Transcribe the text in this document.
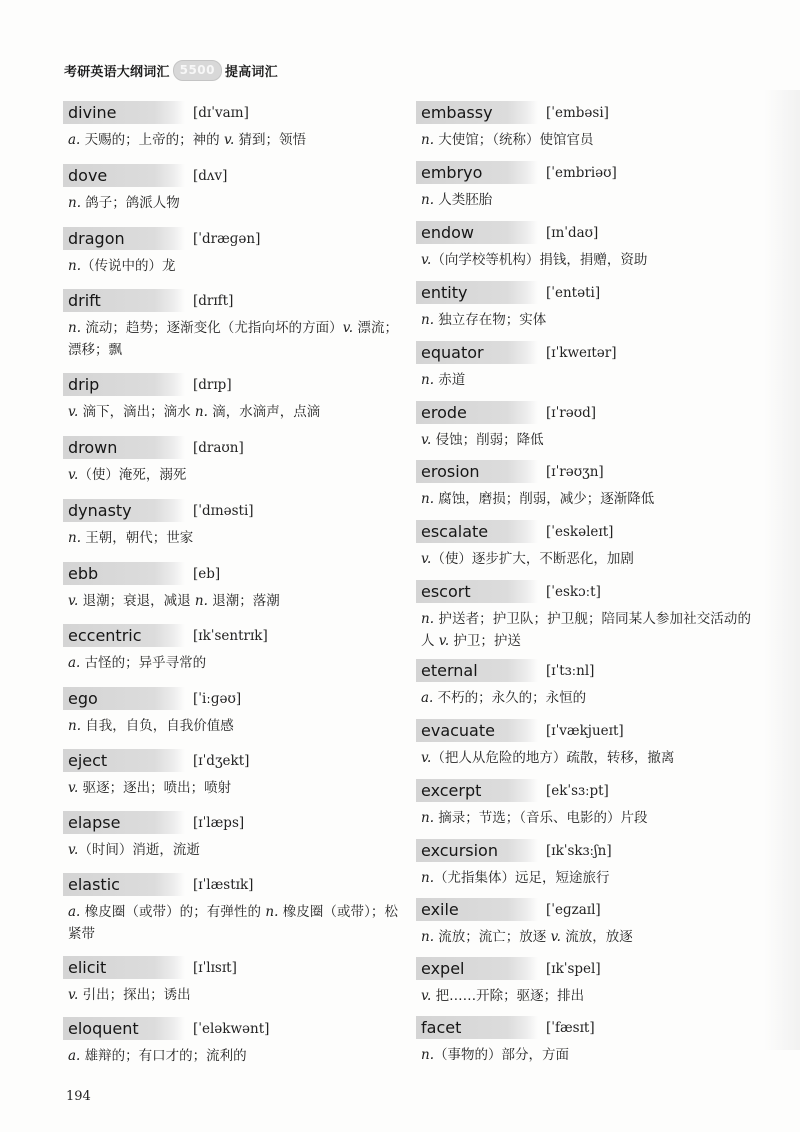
考研英语大纲词汇 5500 提高词汇
divine	[dɪˈvaɪn]
a. 天赐的；上帝的；神的 v. 猜到；领悟
dove	[dʌv]
n. 鸽子；鸽派人物
dragon	[ˈdræɡən]
n.（传说中的）龙
drift	[drɪft]
n. 流动；趋势；逐渐变化（尤指向坏的方面）v. 漂流；漂移；飘
drip	[drɪp]
v. 滴下，滴出；滴水 n. 滴，水滴声，点滴
drown	[draʊn]
v.（使）淹死，溺死
dynasty	[ˈdɪnəsti]
n. 王朝，朝代；世家
ebb	[eb]
v. 退潮；衰退，减退 n. 退潮；落潮
eccentric	[ɪkˈsentrɪk]
a. 古怪的；异乎寻常的
ego	[ˈiːɡəʊ]
n. 自我，自负，自我价值感
eject	[ɪˈdʒekt]
v. 驱逐；逐出；喷出；喷射
elapse	[ɪˈlæps]
v.（时间）消逝，流逝
elastic	[ɪˈlæstɪk]
a. 橡皮圈（或带）的；有弹性的 n. 橡皮圈（或带）；松紧带
elicit	[ɪˈlɪsɪt]
v. 引出；探出；诱出
eloquent	[ˈeləkwənt]
a. 雄辩的；有口才的；流利的
embassy	[ˈembəsi]
n. 大使馆；（统称）使馆官员
embryo	[ˈembriəʊ]
n. 人类胚胎
endow	[ɪnˈdaʊ]
v.（向学校等机构）捐钱，捐赠，资助
entity	[ˈentəti]
n. 独立存在物；实体
equator	[ɪˈkweɪtər]
n. 赤道
erode	[ɪˈrəʊd]
v. 侵蚀；削弱；降低
erosion	[ɪˈrəʊʒn]
n. 腐蚀，磨损；削弱，减少；逐渐降低
escalate	[ˈeskəleɪt]
v.（使）逐步扩大，不断恶化，加剧
escort	[ˈeskɔːt]
n. 护送者；护卫队；护卫舰；陪同某人参加社交活动的人 v. 护卫；护送
eternal	[ɪˈtɜːnl]
a. 不朽的；永久的；永恒的
evacuate	[ɪˈvækjueɪt]
v.（把人从危险的地方）疏散，转移，撤离
excerpt	[ekˈsɜːpt]
n. 摘录；节选；（音乐、电影的）片段
excursion	[ɪkˈskɜːʃn]
n.（尤指集体）远足，短途旅行
exile	[ˈeɡzaɪl]
n. 流放；流亡；放逐 v. 流放，放逐
expel	[ɪkˈspel]
v. 把……开除；驱逐；排出
facet	[ˈfæsɪt]
n.（事物的）部分，方面
194
